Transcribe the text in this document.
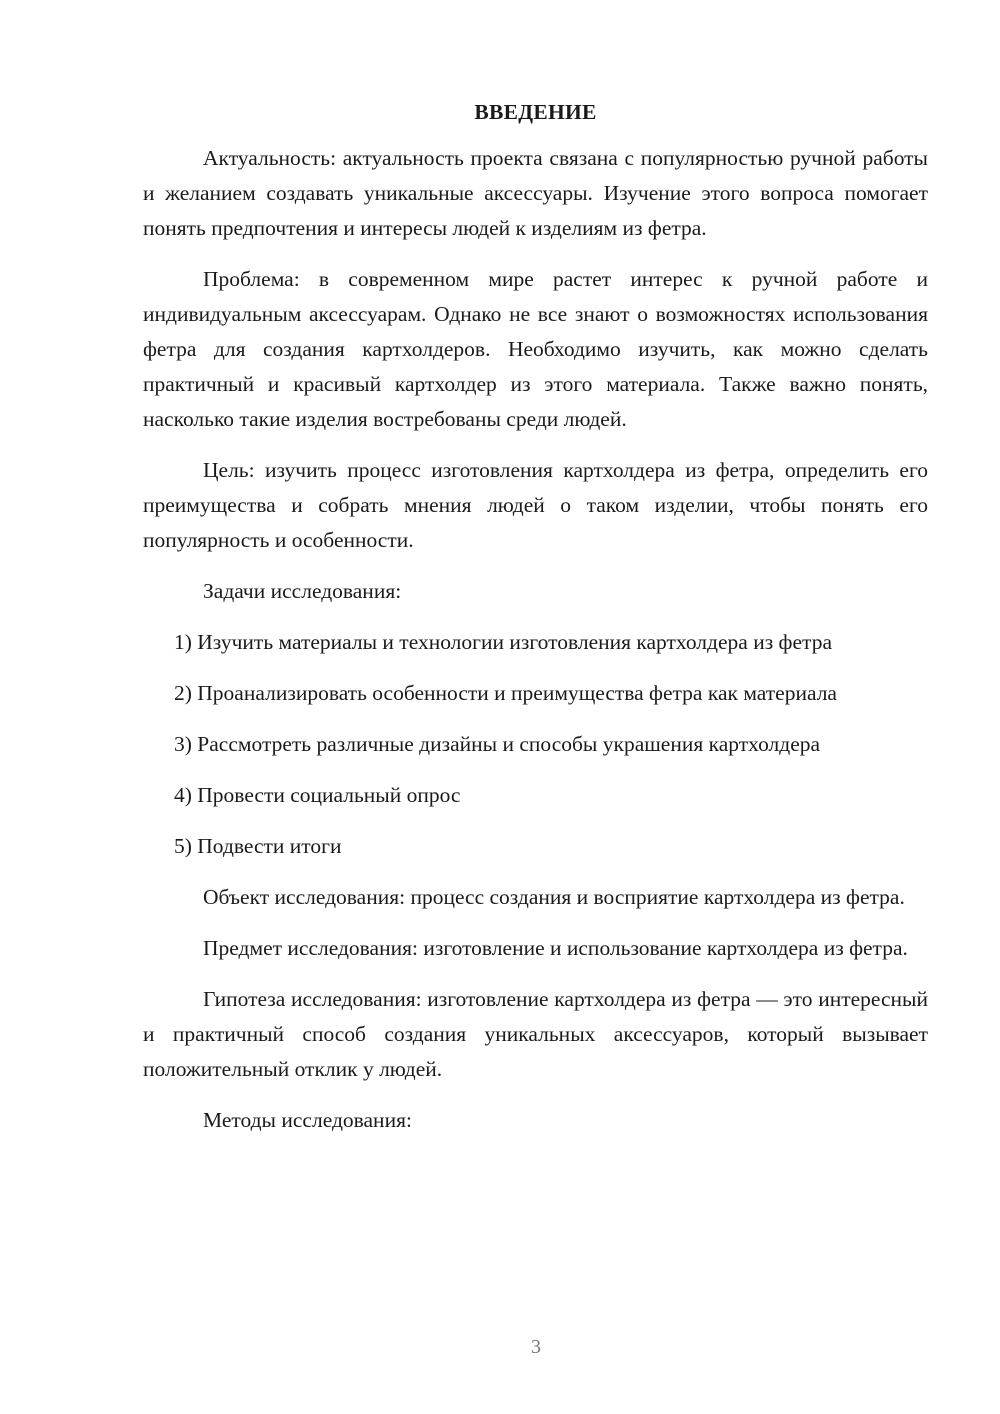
ВВЕДЕНИЕ

Актуальность: актуальность проекта связана с популярностью ручной работы и желанием создавать уникальные аксессуары. Изучение этого вопроса помогает понять предпочтения и интересы людей к изделиям из фетра.

Проблема: в современном мире растет интерес к ручной работе и индивидуальным аксессуарам. Однако не все знают о возможностях использования фетра для создания картхолдеров. Необходимо изучить, как можно сделать практичный и красивый картхолдер из этого материала. Также важно понять, насколько такие изделия востребованы среди людей.

Цель: изучить процесс изготовления картхолдера из фетра, определить его преимущества и собрать мнения людей о таком изделии, чтобы понять его популярность и особенности.

Задачи исследования:

1) Изучить материалы и технологии изготовления картхолдера из фетра

2) Проанализировать особенности и преимущества фетра как материала

3) Рассмотреть различные дизайны и способы украшения картхолдера

4) Провести социальный опрос

5) Подвести итоги

Объект исследования: процесс создания и восприятие картхолдера из фетра.

Предмет исследования: изготовление и использование картхолдера из фетра.

Гипотеза исследования: изготовление картхолдера из фетра — это интересный и практичный способ создания уникальных аксессуаров, который вызывает положительный отклик у людей.

Методы исследования:

3
